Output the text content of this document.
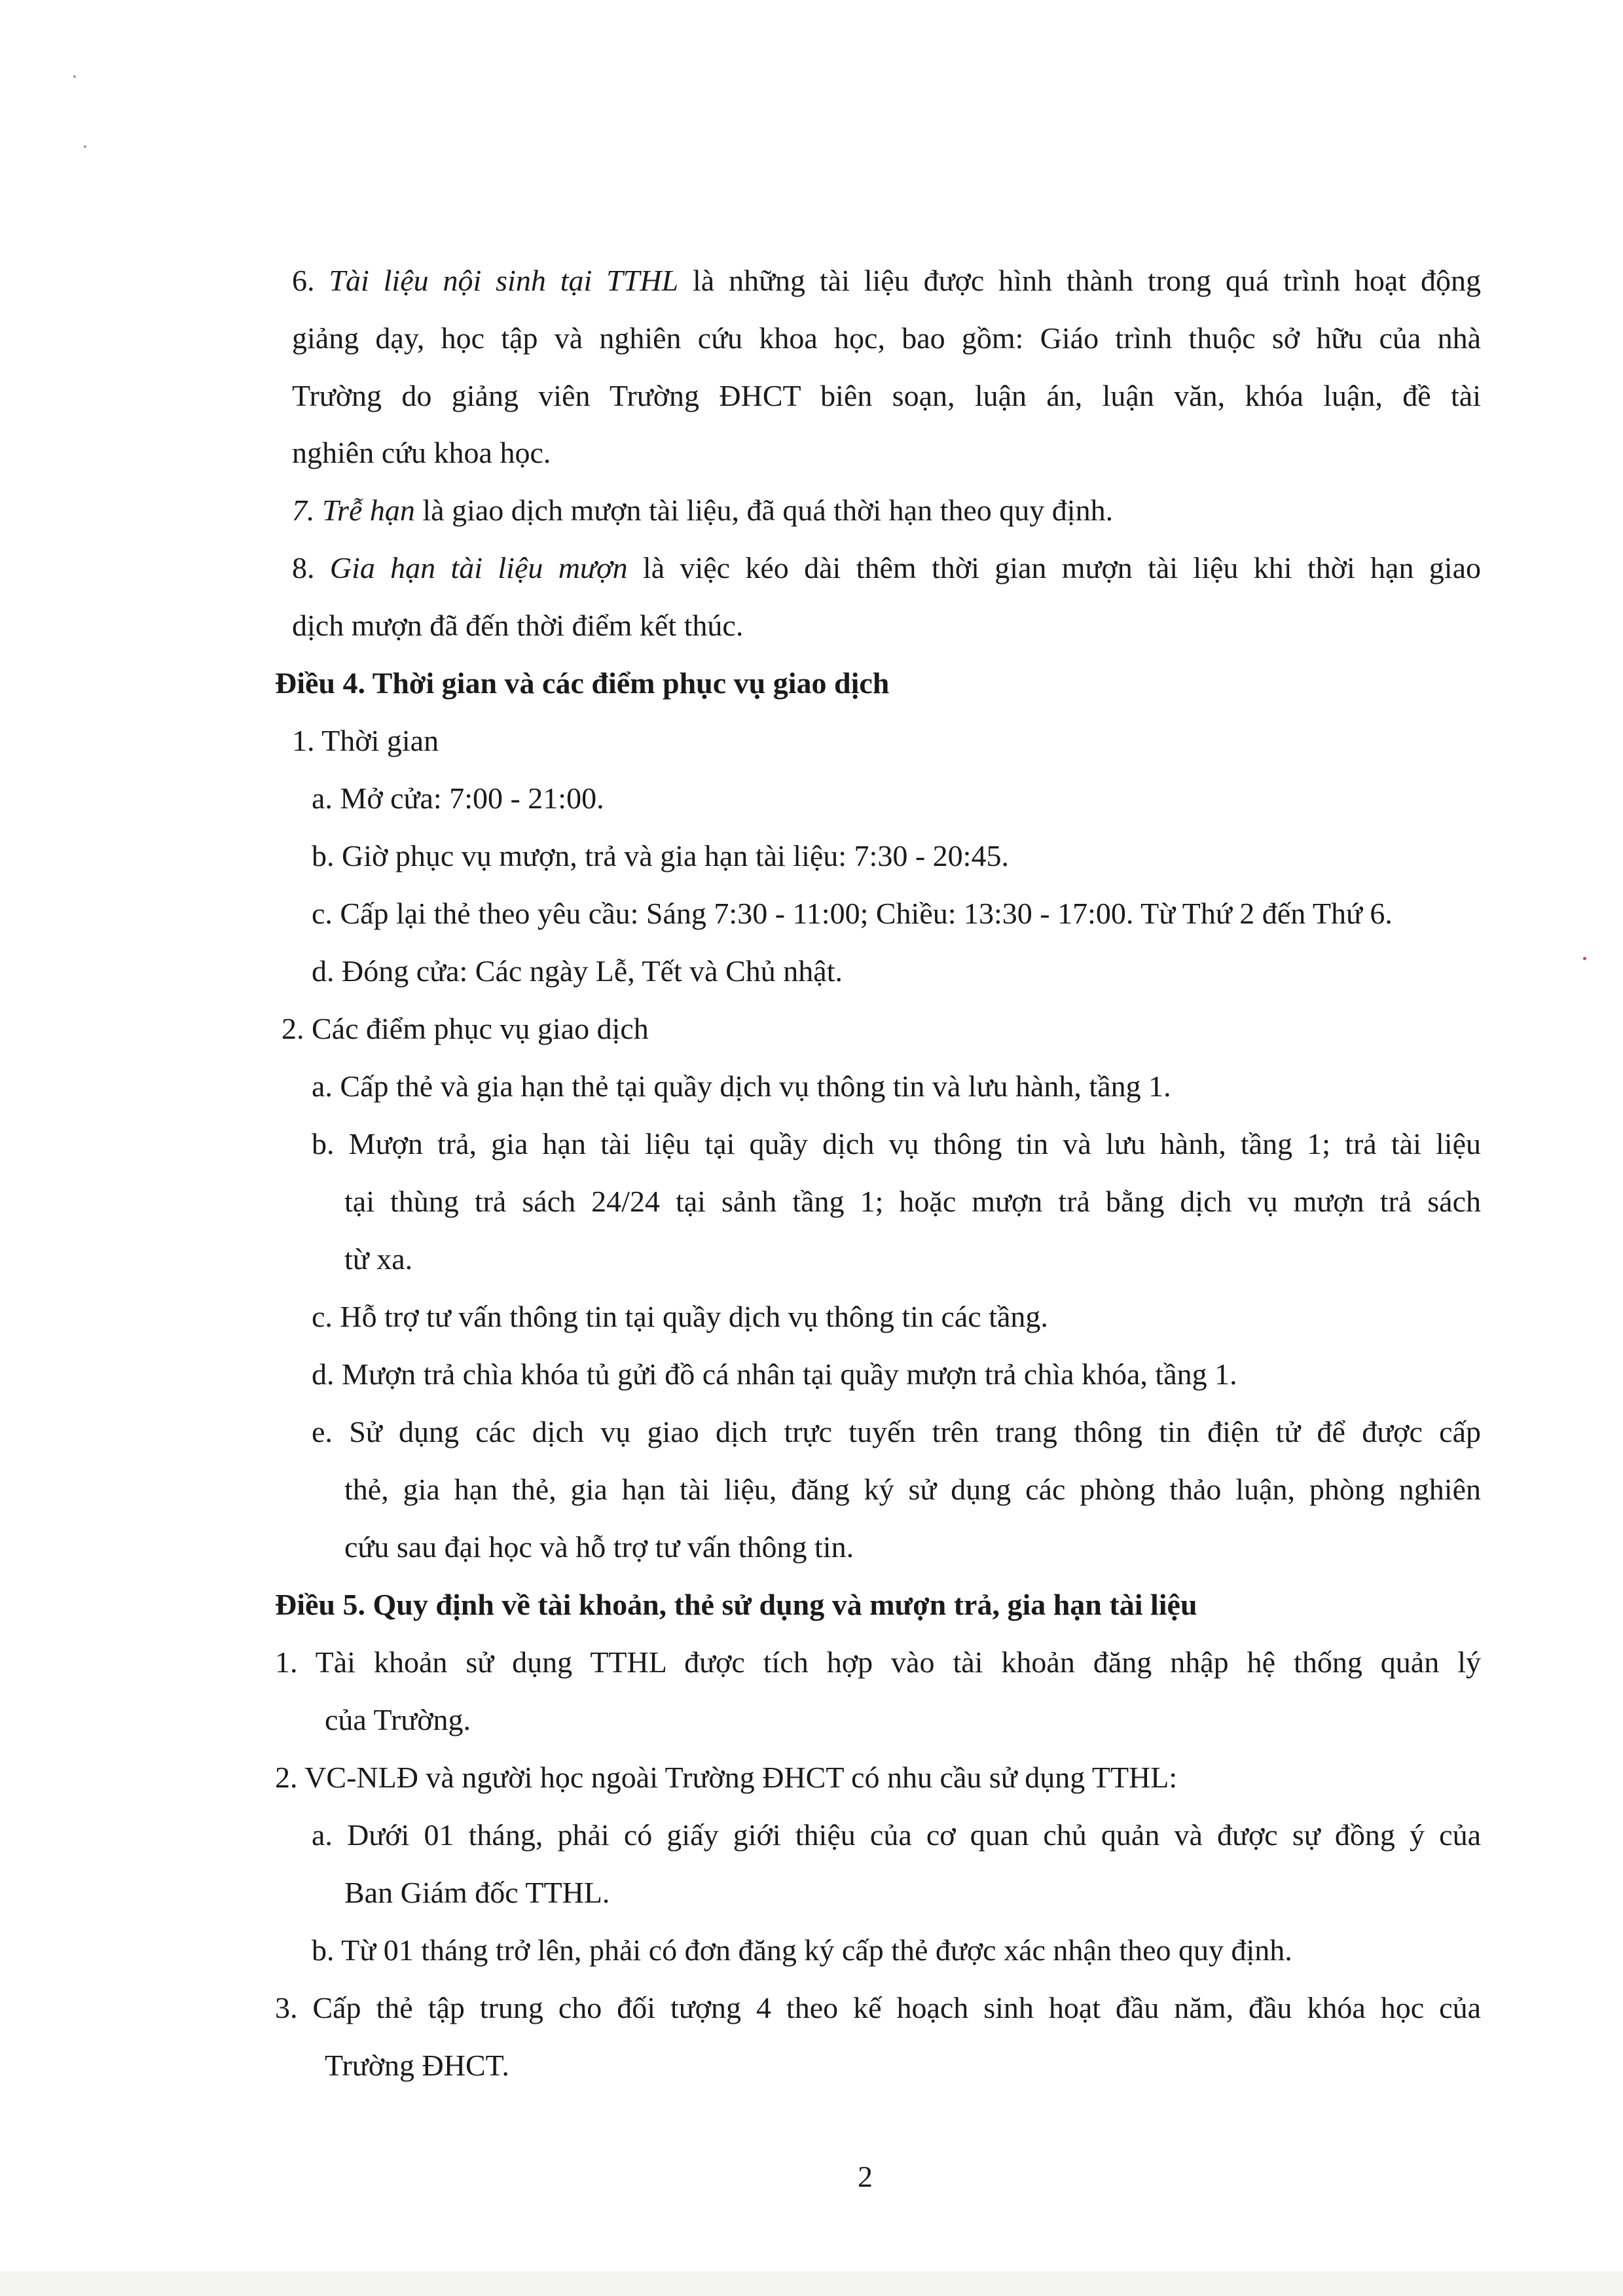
6. Tài liệu nội sinh tại TTHL là những tài liệu được hình thành trong quá trình hoạt động
giảng dạy, học tập và nghiên cứu khoa học, bao gồm: Giáo trình thuộc sở hữu của nhà
Trường do giảng viên Trường ĐHCT biên soạn, luận án, luận văn, khóa luận, đề tài
nghiên cứu khoa học.
7. Trễ hạn là giao dịch mượn tài liệu, đã quá thời hạn theo quy định.
8. Gia hạn tài liệu mượn là việc kéo dài thêm thời gian mượn tài liệu khi thời hạn giao
dịch mượn đã đến thời điểm kết thúc.
Điều 4. Thời gian và các điểm phục vụ giao dịch
1. Thời gian
a. Mở cửa: 7:00 - 21:00.
b. Giờ phục vụ mượn, trả và gia hạn tài liệu: 7:30 - 20:45.
c. Cấp lại thẻ theo yêu cầu: Sáng 7:30 - 11:00; Chiều: 13:30 - 17:00. Từ Thứ 2 đến Thứ 6.
d. Đóng cửa: Các ngày Lễ, Tết và Chủ nhật.
2. Các điểm phục vụ giao dịch
a. Cấp thẻ và gia hạn thẻ tại quầy dịch vụ thông tin và lưu hành, tầng 1.
b. Mượn trả, gia hạn tài liệu tại quầy dịch vụ thông tin và lưu hành, tầng 1; trả tài liệu
tại thùng trả sách 24/24 tại sảnh tầng 1; hoặc mượn trả bằng dịch vụ mượn trả sách
từ xa.
c. Hỗ trợ tư vấn thông tin tại quầy dịch vụ thông tin các tầng.
d. Mượn trả chìa khóa tủ gửi đồ cá nhân tại quầy mượn trả chìa khóa, tầng 1.
e. Sử dụng các dịch vụ giao dịch trực tuyến trên trang thông tin điện tử để được cấp
thẻ, gia hạn thẻ, gia hạn tài liệu, đăng ký sử dụng các phòng thảo luận, phòng nghiên
cứu sau đại học và hỗ trợ tư vấn thông tin.
Điều 5. Quy định về tài khoản, thẻ sử dụng và mượn trả, gia hạn tài liệu
1. Tài khoản sử dụng TTHL được tích hợp vào tài khoản đăng nhập hệ thống quản lý
của Trường.
2. VC-NLĐ và người học ngoài Trường ĐHCT có nhu cầu sử dụng TTHL:
a. Dưới 01 tháng, phải có giấy giới thiệu của cơ quan chủ quản và được sự đồng ý của
Ban Giám đốc TTHL.
b. Từ 01 tháng trở lên, phải có đơn đăng ký cấp thẻ được xác nhận theo quy định.
3. Cấp thẻ tập trung cho đối tượng 4 theo kế hoạch sinh hoạt đầu năm, đầu khóa học của
Trường ĐHCT.
2
